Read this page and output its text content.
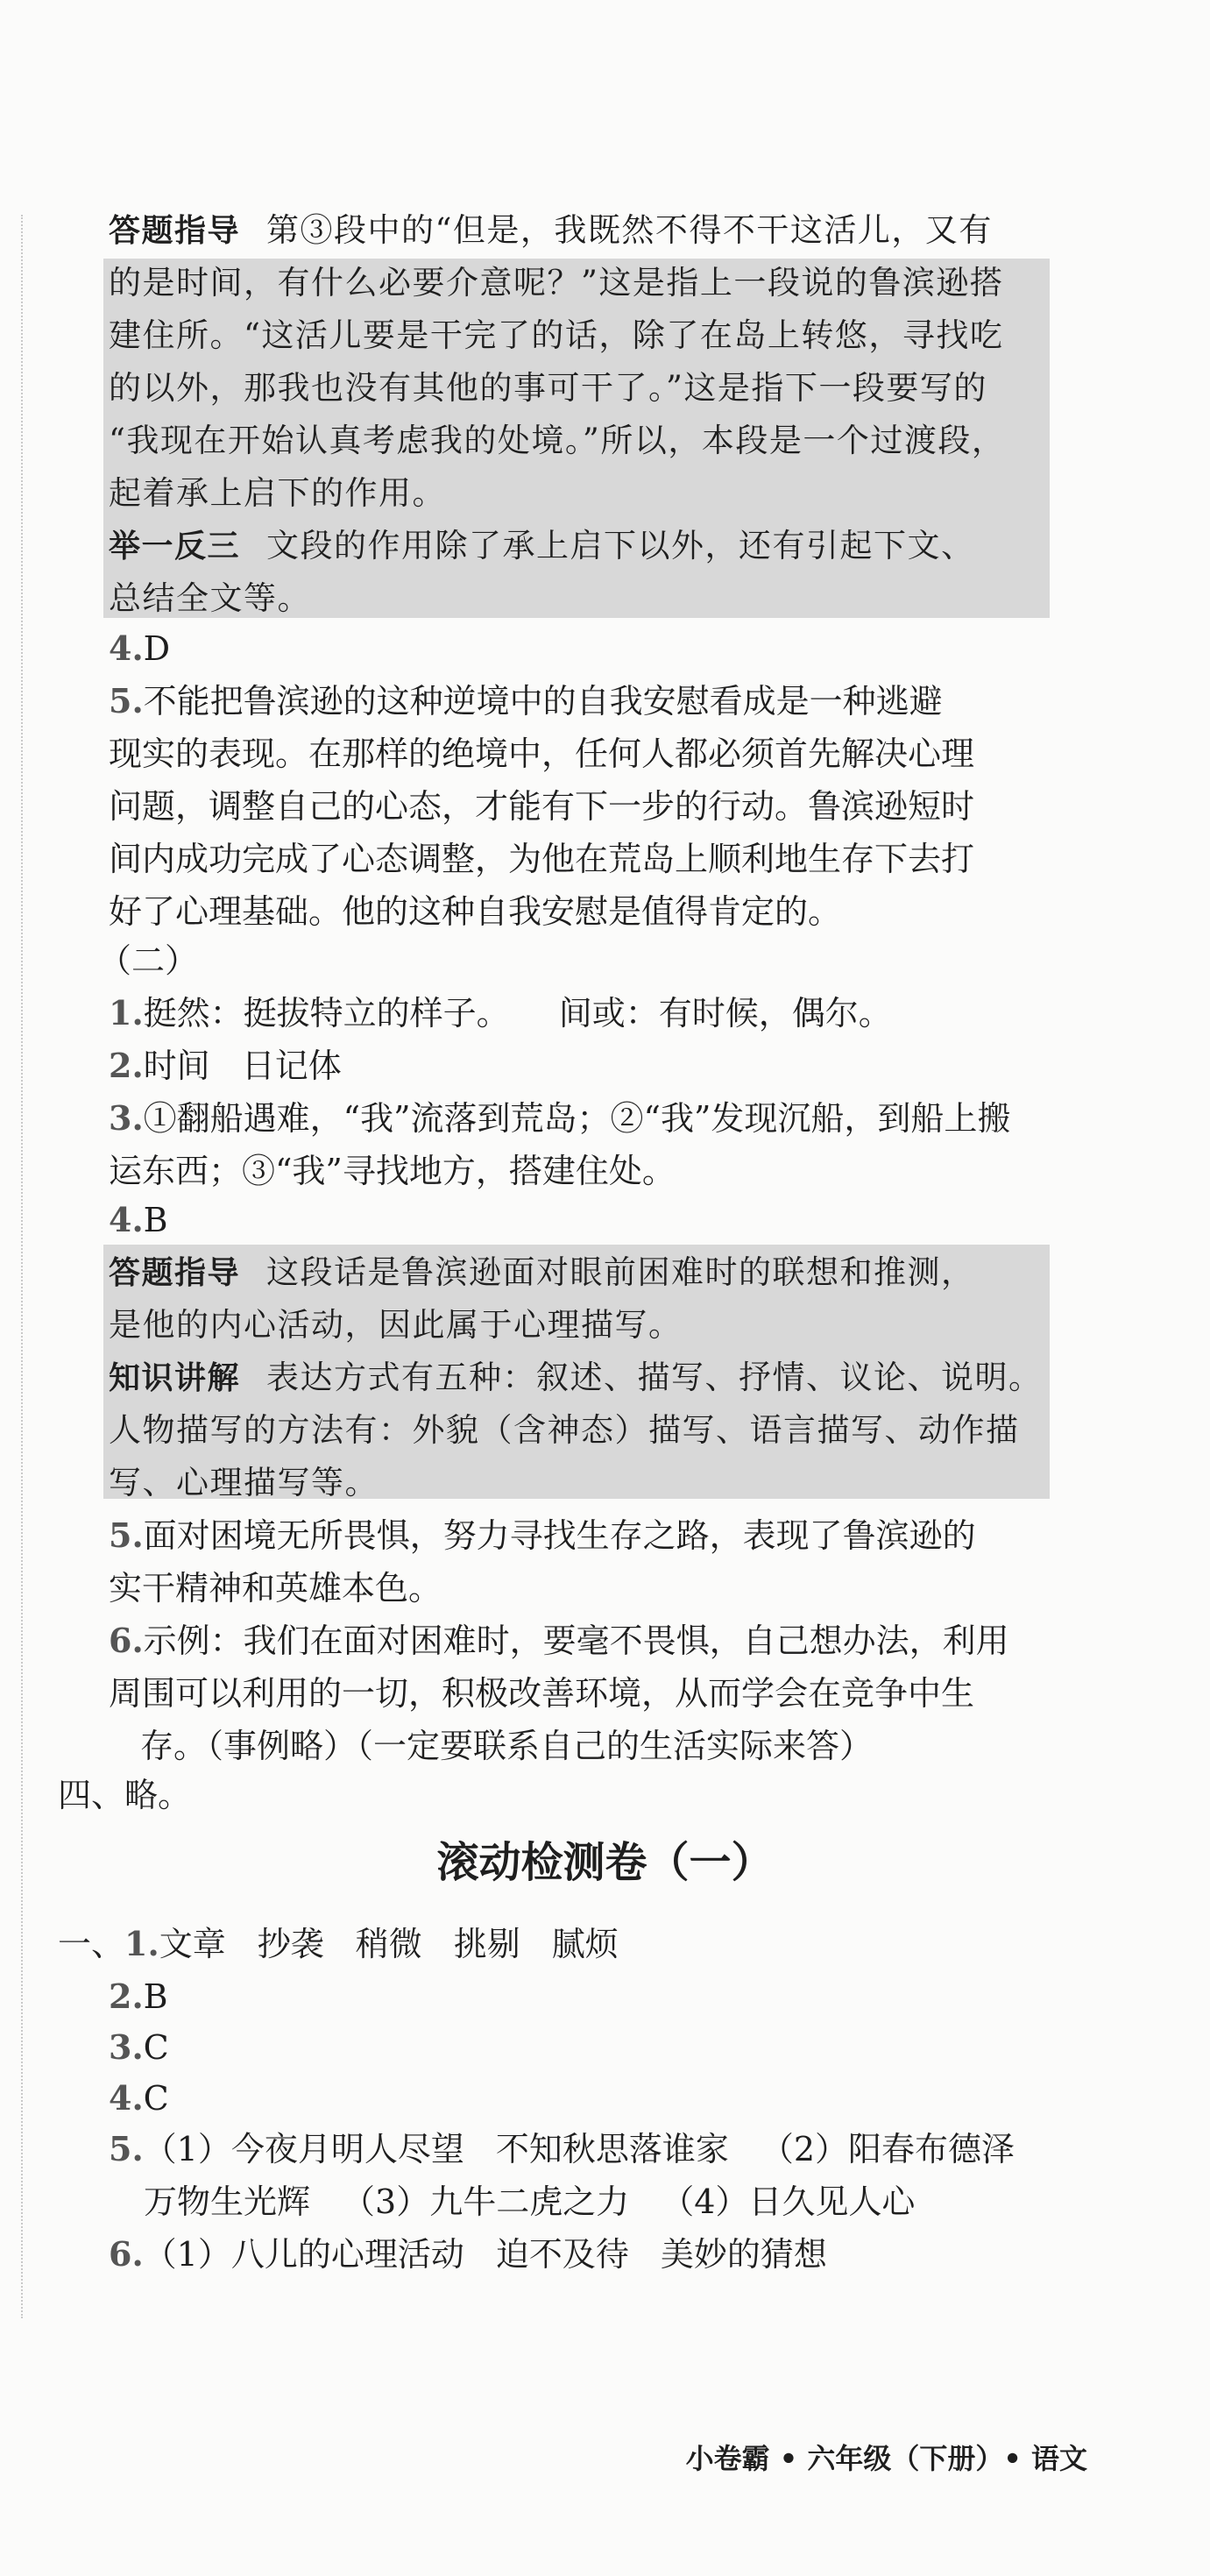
答题指导 第③段中的“但是，我既然不得不干这活儿，又有
的是时间，有什么必要介意呢？”这是指上一段说的鲁滨逊搭
建住所。“这活儿要是干完了的话，除了在岛上转悠，寻找吃
的以外，那我也没有其他的事可干了。”这是指下一段要写的
“我现在开始认真考虑我的处境。”所以，本段是一个过渡段，
起着承上启下的作用。
举一反三 文段的作用除了承上启下以外，还有引起下文、
总结全文等。
4.D
5.不能把鲁滨逊的这种逆境中的自我安慰看成是一种逃避
现实的表现。在那样的绝境中，任何人都必须首先解决心理
问题，调整自己的心态，才能有下一步的行动。鲁滨逊短时
间内成功完成了心态调整，为他在荒岛上顺利地生存下去打
好了心理基础。他的这种自我安慰是值得肯定的。
（二）
1.挺然：挺拔特立的样子。 间或：有时候，偶尔。
2.时间 日记体
3.①翻船遇难，“我”流落到荒岛；②“我”发现沉船，到船上搬
运东西；③“我”寻找地方，搭建住处。
4.B
答题指导 这段话是鲁滨逊面对眼前困难时的联想和推测，
是他的内心活动，因此属于心理描写。
知识讲解 表达方式有五种：叙述、描写、抒情、议论、说明。
人物描写的方法有：外貌（含神态）描写、语言描写、动作描
写、心理描写等。
5.面对困境无所畏惧，努力寻找生存之路，表现了鲁滨逊的
实干精神和英雄本色。
6.示例：我们在面对困难时，要毫不畏惧，自己想办法，利用
周围可以利用的一切，积极改善环境，从而学会在竞争中生
存。（事例略）（一定要联系自己的生活实际来答）
四、略。
滚动检测卷（一）
一、1.文章 抄袭 稍微 挑剔 腻烦
2.B
3.C
4.C
5.（1）今夜月明人尽望 不知秋思落谁家 （2）阳春布德泽
万物生光辉 （3）九牛二虎之力 （4）日久见人心
6.（1）八儿的心理活动 迫不及待 美妙的猜想
小卷霸 • 六年级（下册）• 语文
